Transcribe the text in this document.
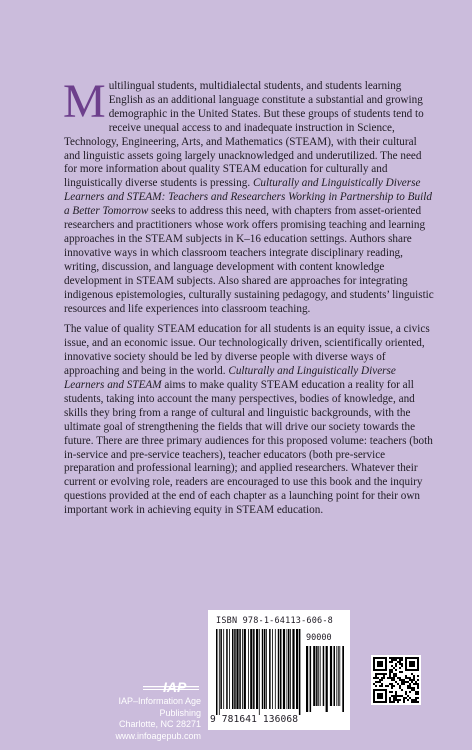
Multilingual students, multidialectal students, and students learning English as an additional language constitute a substantial and growing demographic in the United States. But these groups of students tend to receive unequal access to and inadequate instruction in Science, Technology, Engineering, Arts, and Mathematics (STEAM), with their cultural and linguistic assets going largely unacknowledged and underutilized. The need for more information about quality STEAM education for culturally and linguistically diverse students is pressing. Culturally and Linguistically Diverse Learners and STEAM: Teachers and Researchers Working in Partnership to Build a Better Tomorrow seeks to address this need, with chapters from asset-oriented researchers and practitioners whose work offers promising teaching and learning approaches in the STEAM subjects in K–16 education settings. Authors share innovative ways in which classroom teachers integrate disciplinary reading, writing, discussion, and language development with content knowledge development in STEAM subjects. Also shared are approaches for integrating indigenous epistemologies, culturally sustaining pedagogy, and students’ linguistic resources and life experiences into classroom teaching.

The value of quality STEAM education for all students is an equity issue, a civics issue, and an economic issue. Our technologically driven, scientifically oriented, innovative society should be led by diverse people with diverse ways of approaching and being in the world. Culturally and Linguistically Diverse Learners and STEAM aims to make quality STEAM education a reality for all students, taking into account the many perspectives, bodies of knowledge, and skills they bring from a range of cultural and linguistic backgrounds, with the ultimate goal of strengthening the fields that will drive our society towards the future. There are three primary audiences for this proposed volume: teachers (both in-service and pre-service teachers), teacher educators (both pre-service preparation and professional learning); and applied researchers. Whatever their current or evolving role, readers are encouraged to use this book and the inquiry questions provided at the end of each chapter as a launching point for their own important work in achieving equity in STEAM education.

ISBN 978-1-64113-606-8
90000
9 781641 136068
IAP
IAP–Information Age Publishing
Charlotte, NC 28271
www.infoagepub.com
